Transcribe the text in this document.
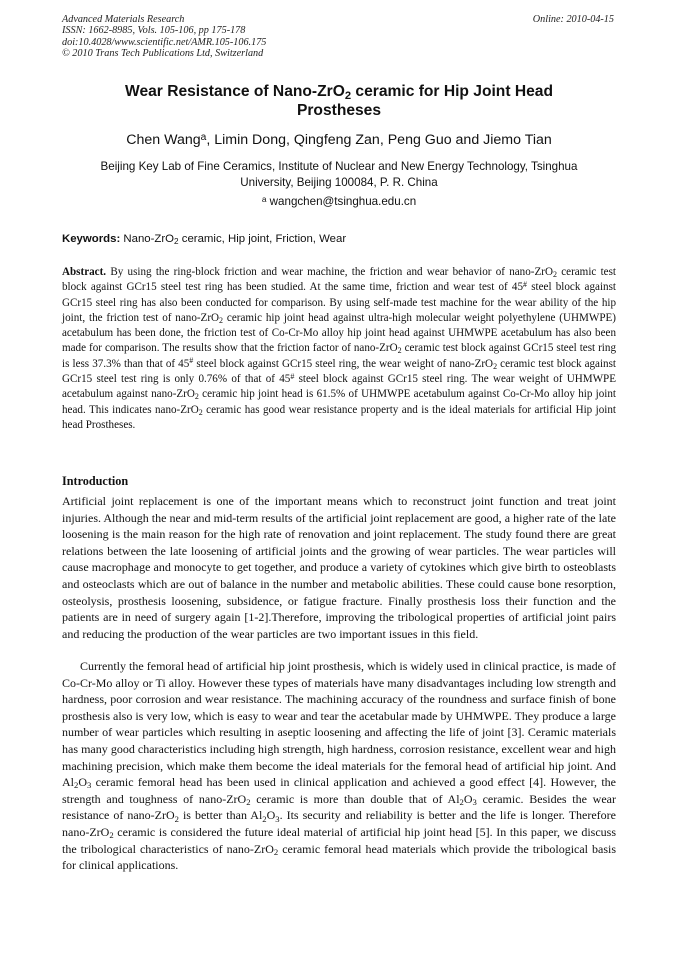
Advanced Materials Research
ISSN: 1662-8985, Vols. 105-106, pp 175-178
doi:10.4028/www.scientific.net/AMR.105-106.175
© 2010 Trans Tech Publications Ltd, Switzerland
Online: 2010-04-15
Wear Resistance of Nano-ZrO$_2$ ceramic for Hip Joint Head
Prostheses
Chen Wang$^a$, Limin Dong, Qingfeng Zan, Peng Guo and Jiemo Tian
Beijing Key Lab of Fine Ceramics, Institute of Nuclear and New Energy Technology, Tsinghua
University, Beijing 100084, P. R. China
$^a$ wangchen@tsinghua.edu.cn
Keywords: Nano-ZrO$_2$ ceramic, Hip joint, Friction, Wear
Abstract. By using the ring-block friction and wear machine, the friction and wear behavior of nano-ZrO$_2$ ceramic test block against GCr15 steel test ring has been studied. At the same time, friction and wear test of 45# steel block against GCr15 steel ring has also been conducted for comparison. By using self-made test machine for the wear ability of the hip joint, the friction test of nano-ZrO$_2$ ceramic hip joint head against ultra-high molecular weight polyethylene (UHMWPE) acetabulum has been done, the friction test of Co-Cr-Mo alloy hip joint head against UHMWPE acetabulum has also been made for comparison. The results show that the friction factor of nano-ZrO$_2$ ceramic test block against GCr15 steel test ring is less 37.3% than that of 45# steel block against GCr15 steel ring, the wear weight of nano-ZrO$_2$ ceramic test block against GCr15 steel test ring is only 0.76% of that of 45# steel block against GCr15 steel ring. The wear weight of UHMWPE acetabulum against nano-ZrO$_2$ ceramic hip joint head is 61.5% of UHMWPE acetabulum against Co-Cr-Mo alloy hip joint head. This indicates nano-ZrO$_2$ ceramic has good wear resistance property and is the ideal materials for artificial Hip joint head Prostheses.
Introduction
Artificial joint replacement is one of the important means which to reconstruct joint function and treat joint injuries. Although the near and mid-term results of the artificial joint replacement are good, a higher rate of the late loosening is the main reason for the high rate of renovation and joint replacement. The study found there are great relations between the late loosening of artificial joints and the growing of wear particles. The wear particles will cause macrophage and monocyte to get together, and produce a variety of cytokines which give birth to osteoblasts and osteoclasts which are out of balance in the number and metabolic abilities. These could cause bone resorption, osteolysis, prosthesis loosening, subsidence, or fatigue fracture. Finally prosthesis loss their function and the patients are in need of surgery again [1-2].Therefore, improving the tribological properties of artificial joint pairs and reducing the production of the wear particles are two important issues in this field.
Currently the femoral head of artificial hip joint prosthesis, which is widely used in clinical practice, is made of Co-Cr-Mo alloy or Ti alloy. However these types of materials have many disadvantages including low strength and hardness, poor corrosion and wear resistance. The machining accuracy of the roundness and surface finish of bone prosthesis also is very low, which is easy to wear and tear the acetabular made by UHMWPE. They produce a large number of wear particles which resulting in aseptic loosening and affecting the life of joint [3]. Ceramic materials has many good characteristics including high strength, high hardness, corrosion resistance, excellent wear and high machining precision, which make them become the ideal materials for the femoral head of artificial hip joint. And $Al_2O_3$ ceramic femoral head has been used in clinical application and achieved a good effect [4]. However, the strength and toughness of nano-ZrO$_2$ ceramic is more than double that of $Al_2O_3$ ceramic. Besides the wear resistance of nano-ZrO$_2$ is better than $Al_2O_3$. Its security and reliability is better and the life is longer. Therefore nano-ZrO$_2$ ceramic is considered the future ideal material of artificial hip joint head [5]. In this paper, we discuss the tribological characteristics of nano-ZrO$_2$ ceramic femoral head materials which provide the tribological basis for clinical applications.
